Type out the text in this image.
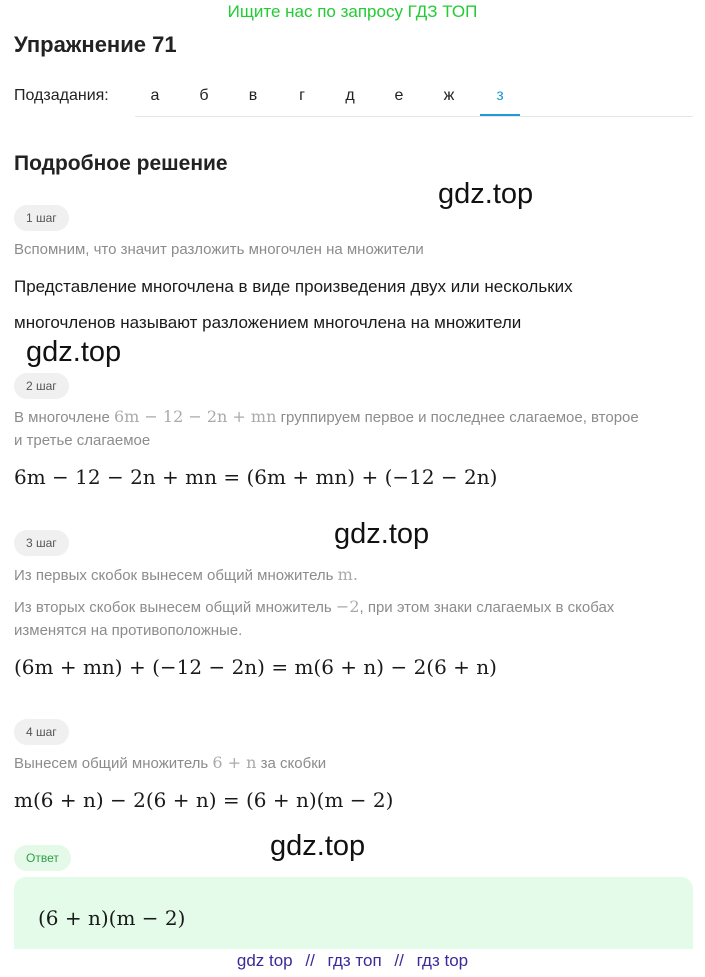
Ищите нас по запросу ГДЗ ТОП
Упражнение 71
Подзадания:	а	б	в	г	д	е	ж	з
Подробное решение
gdz.top
gdz.top
gdz.top
gdz.top
1 шаг
Вспомним, что значит разложить многочлен на множители
Представление многочлена в виде произведения двух или нескольких
многочленов называют разложением многочлена на множители
2 шаг
В многочлене 6m − 12 − 2n + mn группируем первое и последнее слагаемое, второе
и третье слагаемое
6m − 12 − 2n + mn = (6m + mn) + (−12 − 2n)
3 шаг
Из первых скобок вынесем общий множитель m.
Из вторых скобок вынесем общий множитель −2, при этом знаки слагаемых в скобах
изменятся на противоположные.
(6m + mn) + (−12 − 2n) = m(6 + n) − 2(6 + n)
4 шаг
Вынесем общий множитель 6 + n за скобки
m(6 + n) − 2(6 + n) = (6 + n)(m − 2)
Ответ
(6 + n)(m − 2)
gdz top // гдз топ // гдз top
